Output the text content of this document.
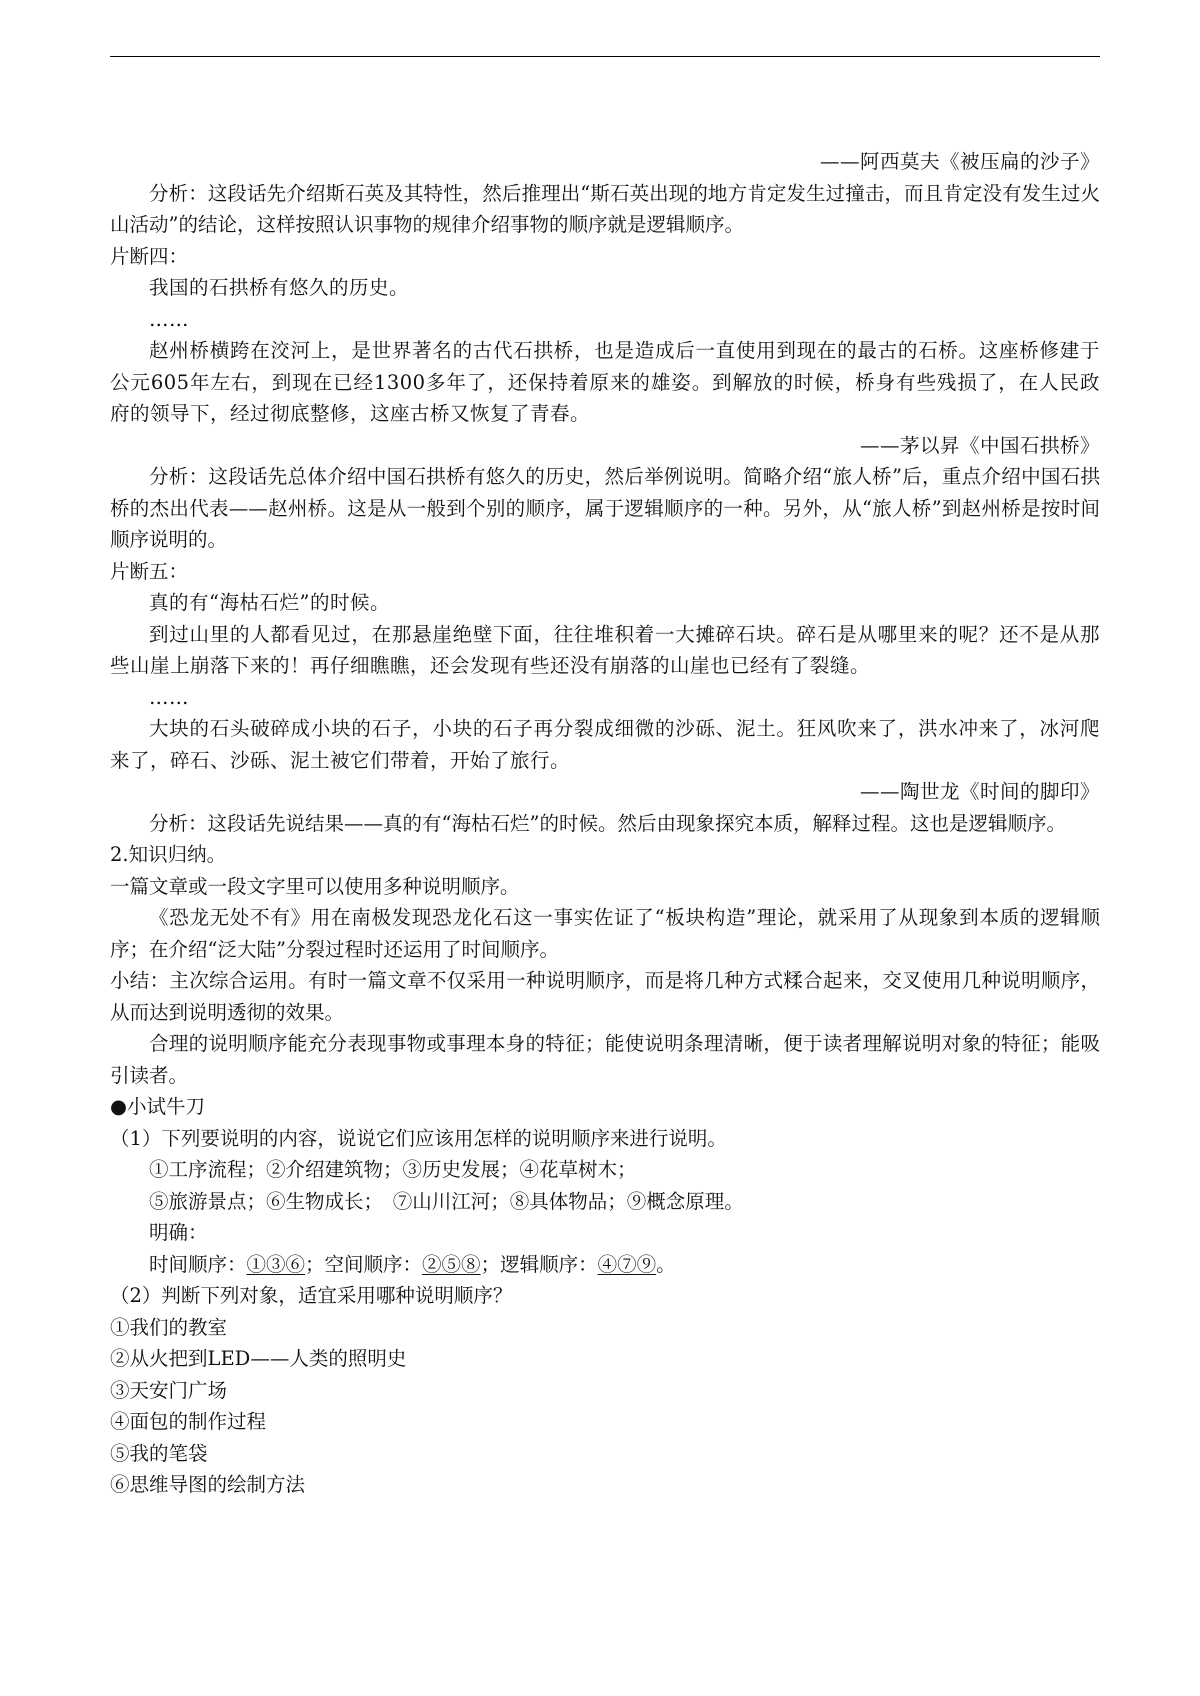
——阿西莫夫《被压扁的沙子》

分析：这段话先介绍斯石英及其特性，然后推理出“斯石英出现的地方肯定发生过撞击，而且肯定没有发生过火山活动”的结论，这样按照认识事物的规律介绍事物的顺序就是逻辑顺序。

片断四：

我国的石拱桥有悠久的历史。

……

赵州桥横跨在洨河上，是世界著名的古代石拱桥，也是造成后一直使用到现在的最古的石桥。这座桥修建于公元605年左右，到现在已经1300多年了，还保持着原来的雄姿。到解放的时候，桥身有些残损了，在人民政府的领导下，经过彻底整修，这座古桥又恢复了青春。

——茅以昇《中国石拱桥》

分析：这段话先总体介绍中国石拱桥有悠久的历史，然后举例说明。简略介绍“旅人桥”后，重点介绍中国石拱桥的杰出代表——赵州桥。这是从一般到个别的顺序，属于逻辑顺序的一种。另外，从“旅人桥”到赵州桥是按时间顺序说明的。

片断五：

真的有“海枯石烂”的时候。

到过山里的人都看见过，在那悬崖绝壁下面，往往堆积着一大摊碎石块。碎石是从哪里来的呢？还不是从那些山崖上崩落下来的！再仔细瞧瞧，还会发现有些还没有崩落的山崖也已经有了裂缝。

……

大块的石头破碎成小块的石子，小块的石子再分裂成细微的沙砾、泥土。狂风吹来了，洪水冲来了，冰河爬来了，碎石、沙砾、泥土被它们带着，开始了旅行。

——陶世龙《时间的脚印》

分析：这段话先说结果——真的有“海枯石烂”的时候。然后由现象探究本质，解释过程。这也是逻辑顺序。

2.知识归纳。

一篇文章或一段文字里可以使用多种说明顺序。

《恐龙无处不有》用在南极发现恐龙化石这一事实佐证了“板块构造”理论，就采用了从现象到本质的逻辑顺序；在介绍“泛大陆”分裂过程时还运用了时间顺序。

小结：主次综合运用。有时一篇文章不仅采用一种说明顺序，而是将几种方式糅合起来，交叉使用几种说明顺序，从而达到说明透彻的效果。

合理的说明顺序能充分表现事物或事理本身的特征；能使说明条理清晰，便于读者理解说明对象的特征；能吸引读者。

●小试牛刀

（1）下列要说明的内容，说说它们应该用怎样的说明顺序来进行说明。

①工序流程；②介绍建筑物；③历史发展；④花草树木；

⑤旅游景点；⑥生物成长；　⑦山川江河；⑧具体物品；⑨概念原理。

明确：

时间顺序：①③⑥；空间顺序：②⑤⑧；逻辑顺序：④⑦⑨。

（2）判断下列对象，适宜采用哪种说明顺序？

①我们的教室

②从火把到LED——人类的照明史

③天安门广场

④面包的制作过程

⑤我的笔袋

⑥思维导图的绘制方法
